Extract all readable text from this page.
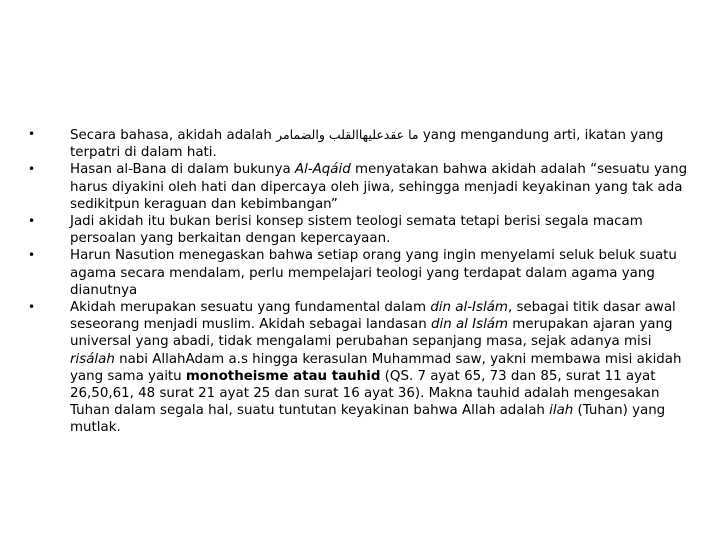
•	Secara bahasa, akidah adalah ما عقدعليهاالقلب والضمامر yang mengandung arti, ikatan yang terpatri di dalam hati.
•	Hasan al-Bana di dalam bukunya Al-Aqáid menyatakan bahwa akidah adalah “sesuatu yang harus diyakini oleh hati dan dipercaya oleh jiwa, sehingga menjadi keyakinan yang tak ada sedikitpun keraguan dan kebimbangan”
•	Jadi akidah itu bukan berisi konsep sistem teologi semata tetapi berisi segala macam persoalan yang berkaitan dengan kepercayaan.
•	Harun Nasution menegaskan bahwa setiap orang yang ingin menyelami seluk beluk suatu agama secara mendalam, perlu mempelajari teologi yang terdapat dalam agama yang dianutnya
•	Akidah merupakan sesuatu yang fundamental dalam din al-Islám, sebagai titik dasar awal seseorang menjadi muslim. Akidah sebagai landasan din al Islám merupakan ajaran yang universal yang abadi, tidak mengalami perubahan sepanjang masa, sejak adanya misi risálah nabi AllahAdam a.s hingga kerasulan Muhammad saw, yakni membawa misi akidah yang sama yaitu monotheisme atau tauhid (QS. 7 ayat 65, 73 dan 85, surat 11 ayat 26,50,61, 48 surat 21 ayat 25 dan surat 16 ayat 36). Makna tauhid adalah mengesakan Tuhan dalam segala hal, suatu tuntutan keyakinan bahwa Allah adalah ilah (Tuhan) yang mutlak.
